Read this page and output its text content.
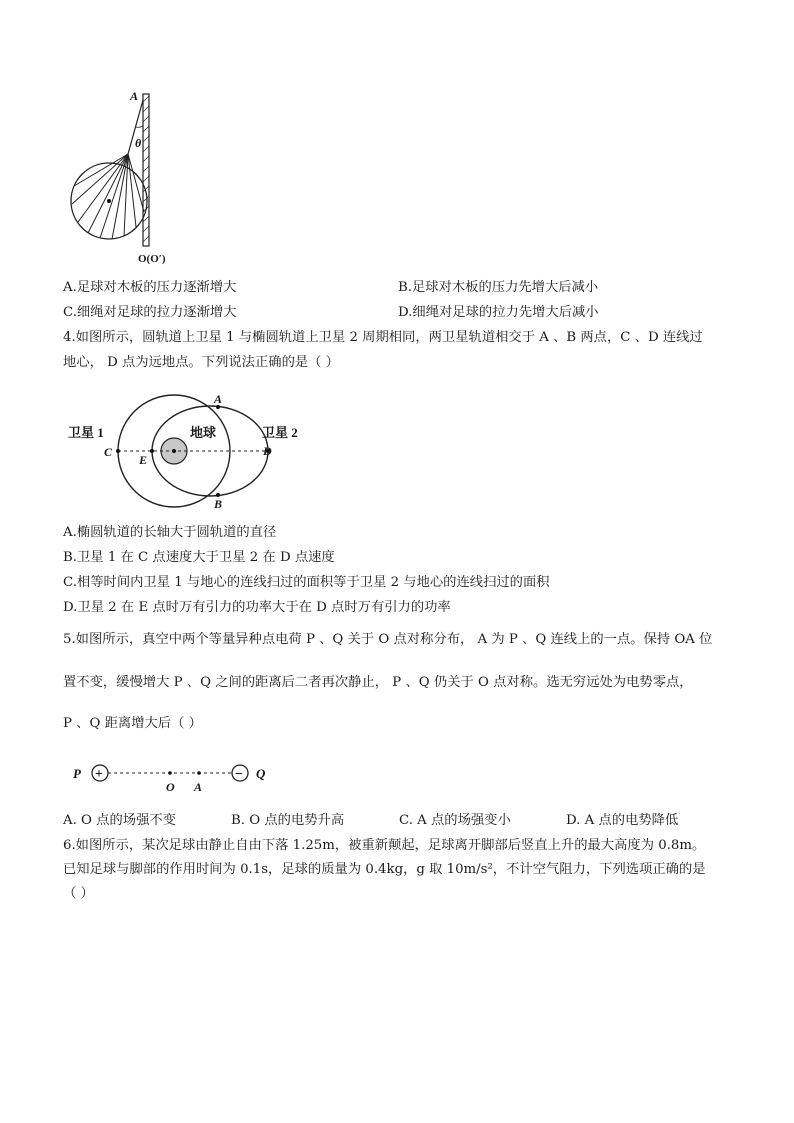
A
θ
O(O′)
A.足球对木板的压力逐渐增大	B.足球对木板的压力先增大后减小
C.细绳对足球的拉力逐渐增大	D.细绳对足球的拉力先增大后减小
4.如图所示，圆轨道上卫星 1 与椭圆轨道上卫星 2 周期相同，两卫星轨道相交于 A 、B 两点，C 、D 连线过
地心， D 点为远地点。下列说法正确的是（ ）
卫星 1	卫星 2
地球
C
E
D
A
B
A.椭圆轨道的长轴大于圆轨道的直径
B.卫星 1 在 C 点速度大于卫星 2 在 D 点速度
C.相等时间内卫星 1 与地心的连线扫过的面积等于卫星 2 与地心的连线扫过的面积
D.卫星 2 在 E 点时万有引力的功率大于在 D 点时万有引力的功率
5.如图所示，真空中两个等量异种点电荷 P 、Q 关于 O 点对称分布， A 为 P 、Q 连线上的一点。保持 OA 位
置不变，缓慢增大 P 、Q 之间的距离后二者再次静止， P 、Q 仍关于 O 点对称。选无穷远处为电势零点，
P 、Q 距离增大后（ ）
+	−
P	Q
O A
A. O 点的场强不变	B. O 点的电势升高	C. A 点的场强变小	D. A 点的电势降低
6.如图所示，某次足球由静止自由下落 1.25m，被重新颠起，足球离开脚部后竖直上升的最大高度为 0.8m。
已知足球与脚部的作用时间为 0.1s，足球的质量为 0.4kg，g 取 10m/s²，不计空气阻力，下列选项正确的是
（ ）
